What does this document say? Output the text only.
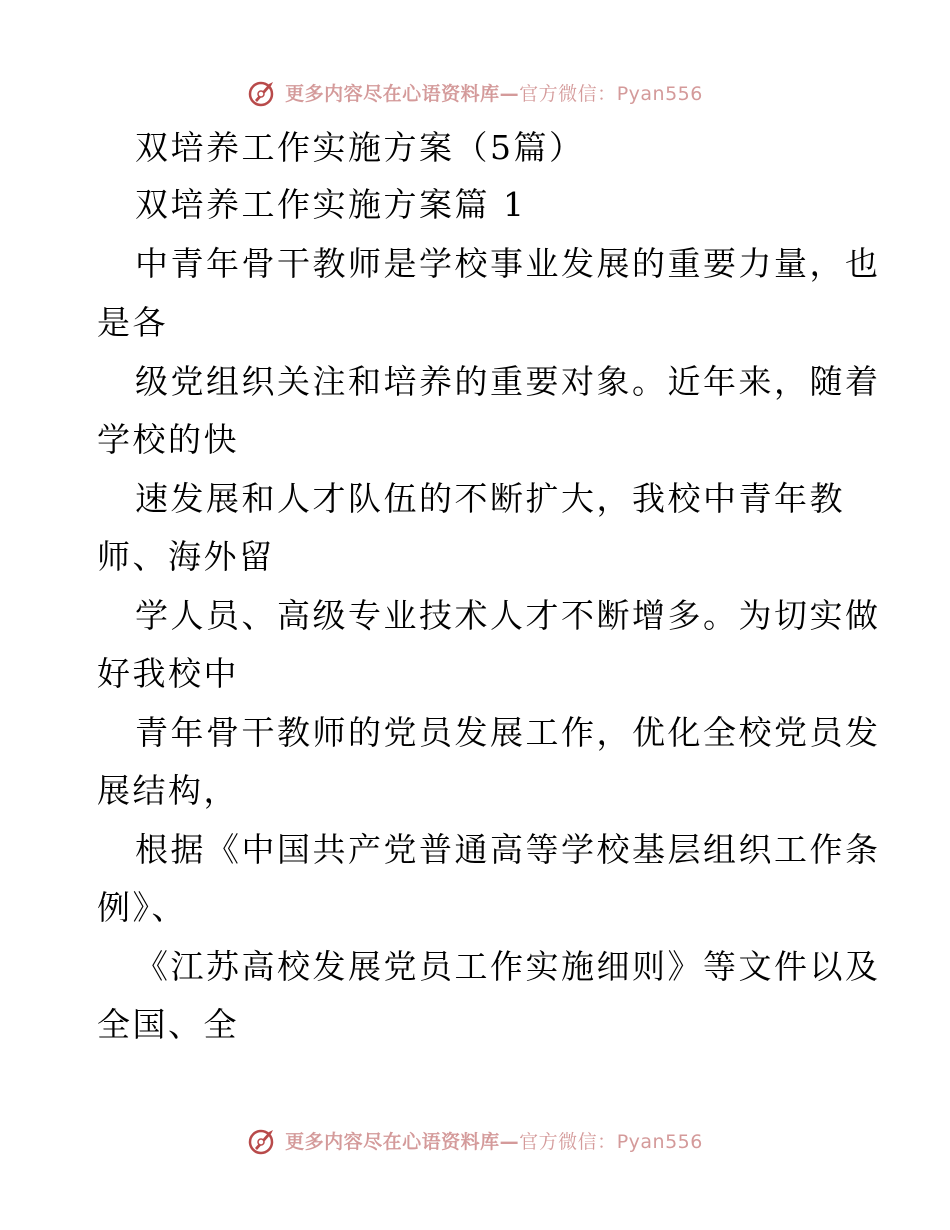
更多内容尽在心语资料库—官方微信：Pyan556
双培养工作实施方案（5篇）
双培养工作实施方案篇 1
中青年骨干教师是学校事业发展的重要力量，也
是各
级党组织关注和培养的重要对象。近年来，随着
学校的快
速发展和人才队伍的不断扩大，我校中青年教
师、海外留
学人员、高级专业技术人才不断增多。为切实做
好我校中
青年骨干教师的党员发展工作，优化全校党员发
展结构，
根据《中国共产党普通高等学校基层组织工作条
例》、
《江苏高校发展党员工作实施细则》等文件以及
全国、全
更多内容尽在心语资料库—官方微信：Pyan556
